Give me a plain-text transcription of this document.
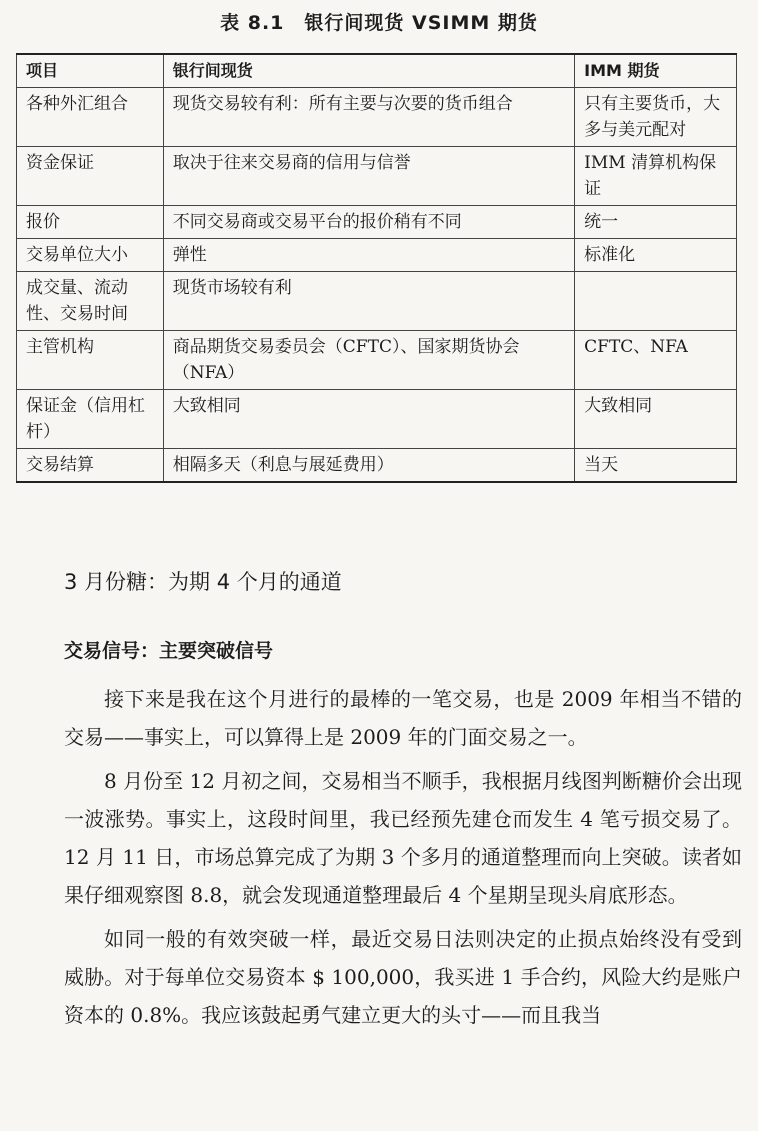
表 8.1　银行间现货 VSIMM 期货
项目	银行间现货	IMM 期货
各种外汇组合	现货交易较有利：所有主要与次要的货币组合	只有主要货币，大多与美元配对
资金保证	取决于往来交易商的信用与信誉	IMM 清算机构保证
报价	不同交易商或交易平台的报价稍有不同	统一
交易单位大小	弹性	标准化
成交量、流动性、交易时间	现货市场较有利	
主管机构	商品期货交易委员会（CFTC）、国家期货协会（NFA）	CFTC、NFA
保证金（信用杠杆）	大致相同	大致相同
交易结算	相隔多天（利息与展延费用）	当天
3 月份糖：为期 4 个月的通道
交易信号：主要突破信号

接下来是我在这个月进行的最棒的一笔交易，也是 2009 年相当不错的交易——事实上，可以算得上是 2009 年的门面交易之一。

8 月份至 12 月初之间，交易相当不顺手，我根据月线图判断糖价会出现一波涨势。事实上，这段时间里，我已经预先建仓而发生 4 笔亏损交易了。12 月 11 日，市场总算完成了为期 3 个多月的通道整理而向上突破。读者如果仔细观察图 8.8，就会发现通道整理最后 4 个星期呈现头肩底形态。

如同一般的有效突破一样，最近交易日法则决定的止损点始终没有受到威胁。对于每单位交易资本 $ 100,000，我买进 1 手合约，风险大约是账户资本的 0.8%。我应该鼓起勇气建立更大的头寸——而且我当
